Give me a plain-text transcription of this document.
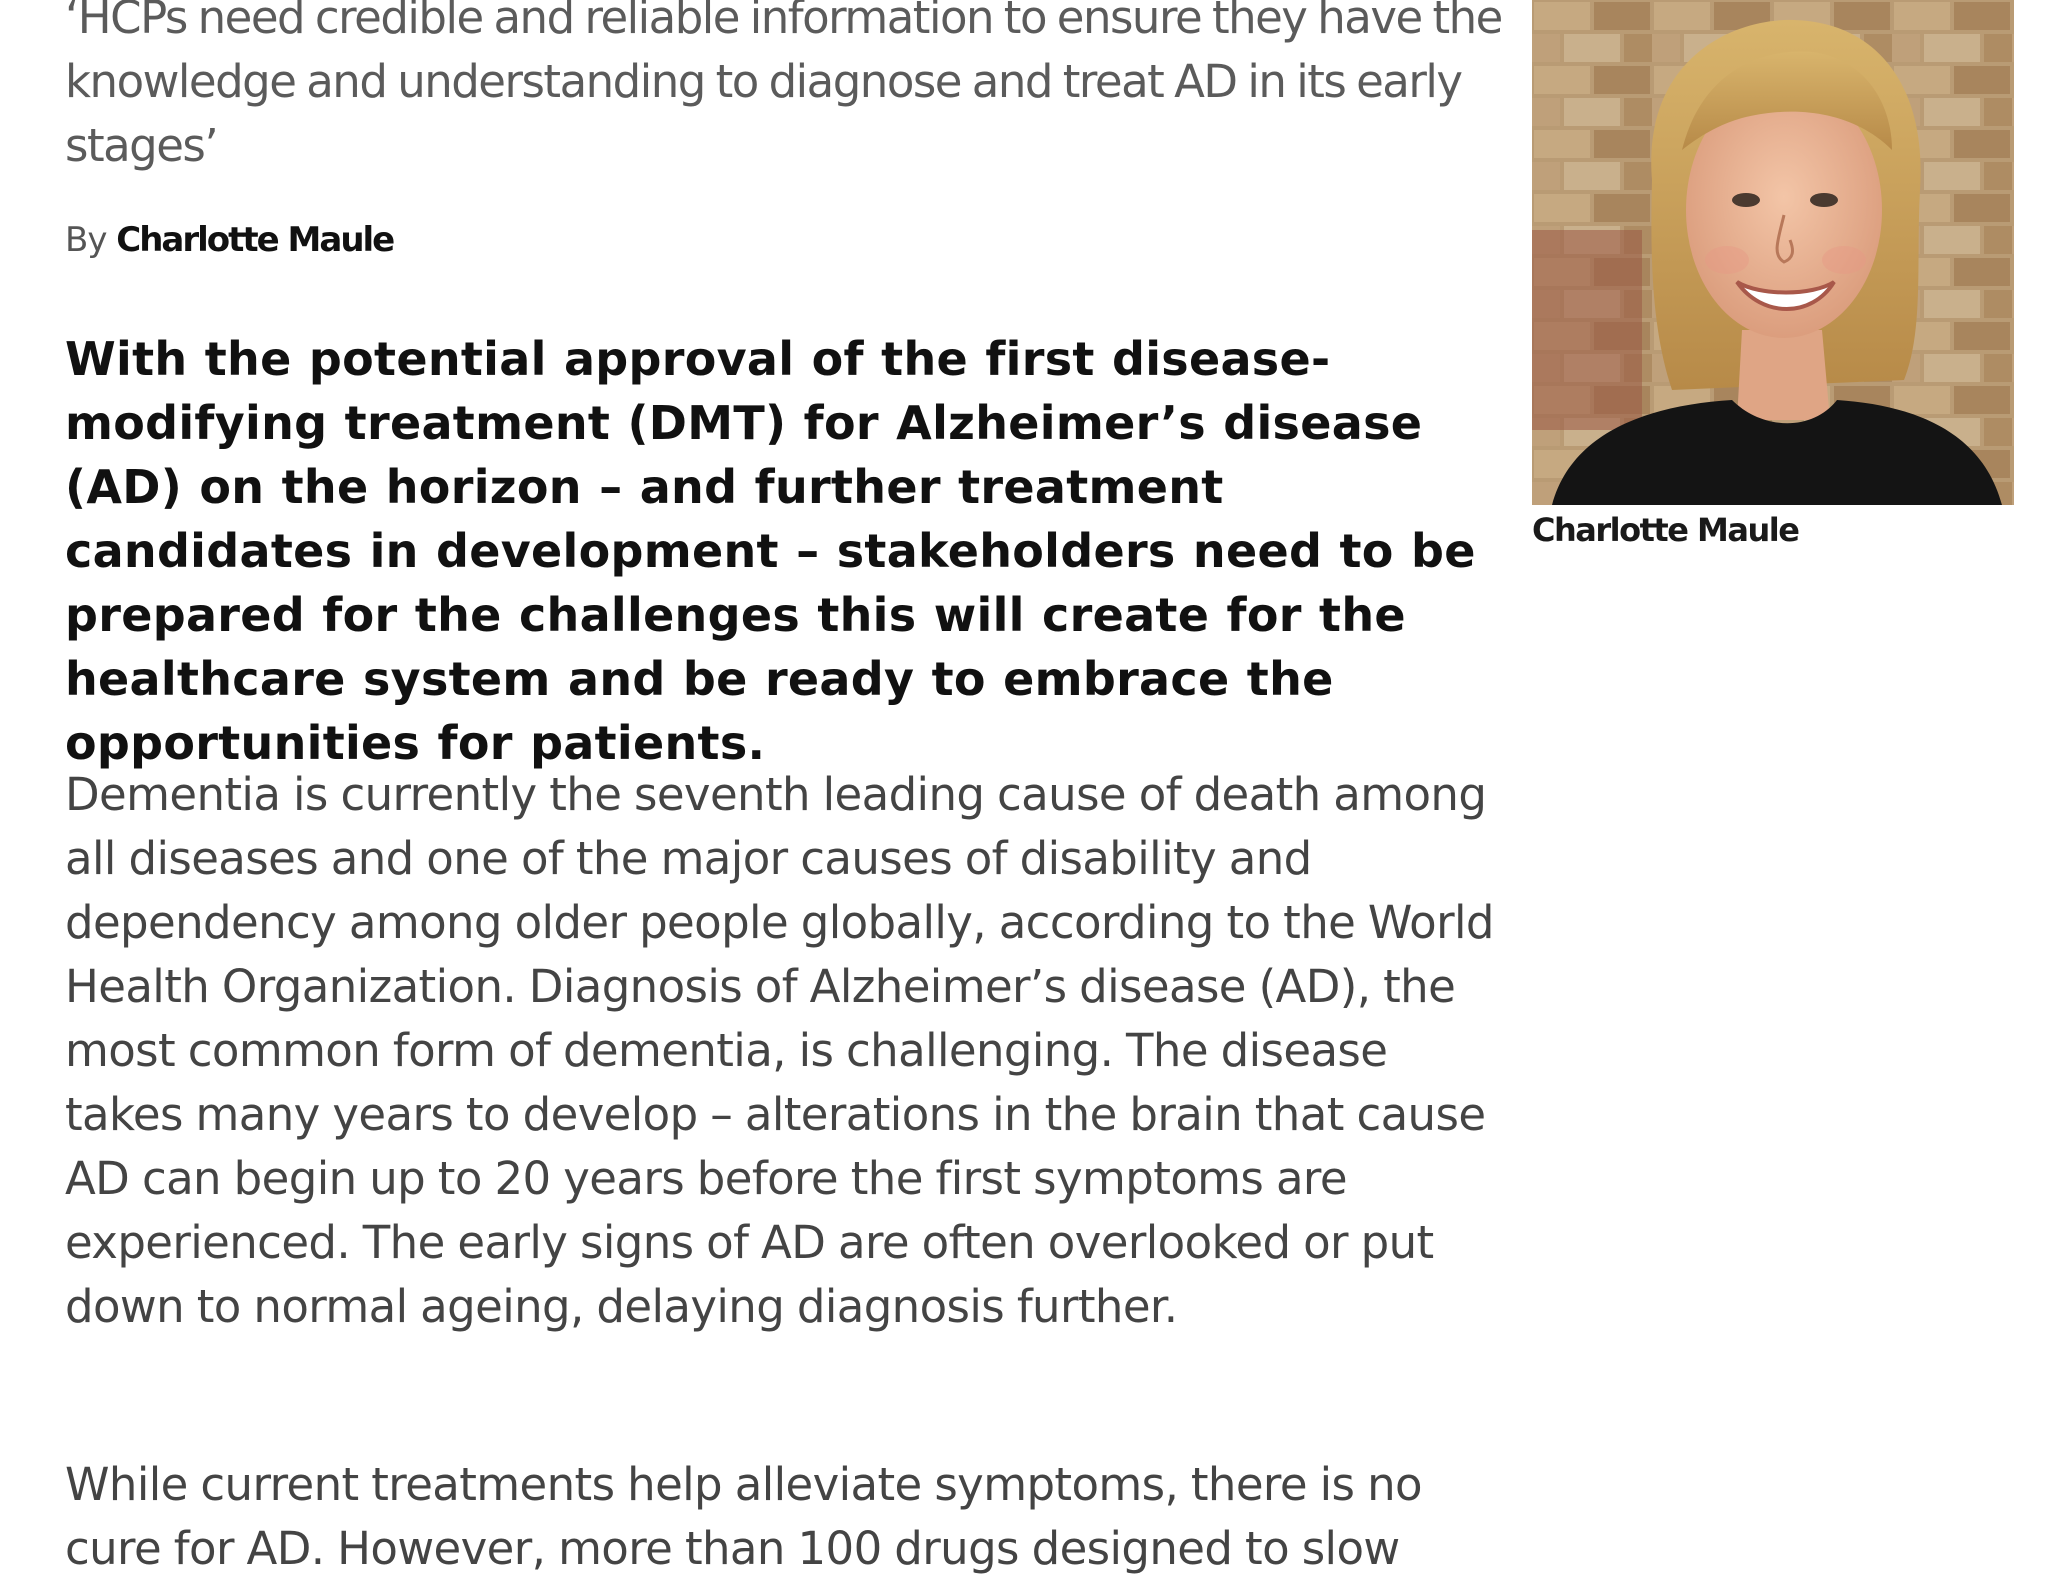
‘HCPs need credible and reliable information to ensure they have the knowledge and understanding to diagnose and treat AD in its early stages’
By Charlotte Maule
With the potential approval of the first disease-modifying treatment (DMT) for Alzheimer’s disease (AD) on the horizon – and further treatment candidates in development – stakeholders need to be prepared for the challenges this will create for the healthcare system and be ready to embrace the opportunities for patients.
Dementia is currently the seventh leading cause of death among all diseases and one of the major causes of disability and dependency among older people globally, according to the World Health Organization. Diagnosis of Alzheimer’s disease (AD), the most common form of dementia, is challenging. The disease takes many years to develop – alterations in the brain that cause AD can begin up to 20 years before the first symptoms are experienced. The early signs of AD are often overlooked or put down to normal ageing, delaying diagnosis further.
While current treatments help alleviate symptoms, there is no cure for AD. However, more than 100 drugs designed to slow
Charlotte Maule
